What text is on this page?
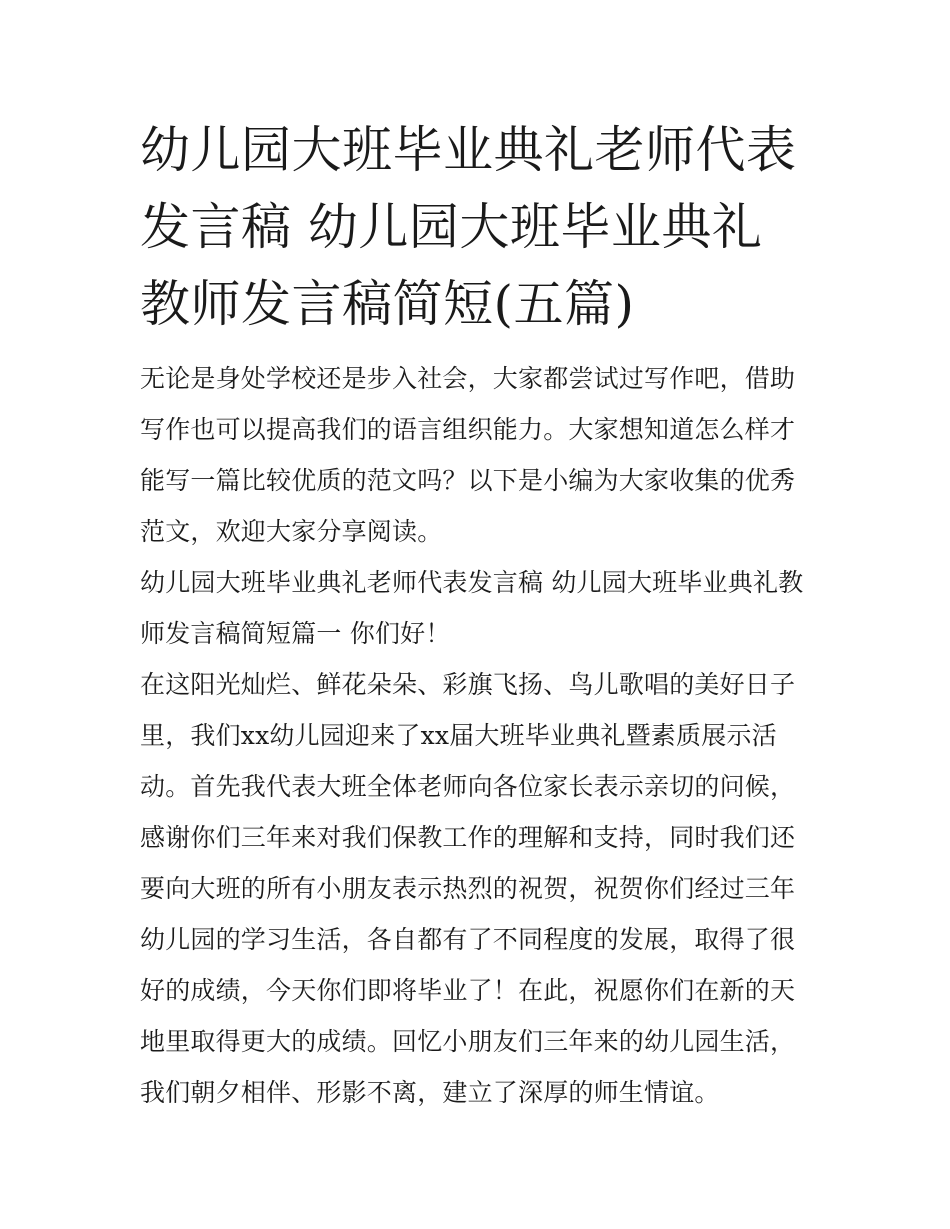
幼儿园大班毕业典礼老师代表发言稿 幼儿园大班毕业典礼教师发言稿简短(五篇)

无论是身处学校还是步入社会，大家都尝试过写作吧，借助写作也可以提高我们的语言组织能力。大家想知道怎么样才能写一篇比较优质的范文吗？以下是小编为大家收集的优秀范文，欢迎大家分享阅读。

幼儿园大班毕业典礼老师代表发言稿 幼儿园大班毕业典礼教师发言稿简短篇一 你们好！

在这阳光灿烂、鲜花朵朵、彩旗飞扬、鸟儿歌唱的美好日子里，我们xx幼儿园迎来了xx届大班毕业典礼暨素质展示活动。首先我代表大班全体老师向各位家长表示亲切的问候，感谢你们三年来对我们保教工作的理解和支持，同时我们还要向大班的所有小朋友表示热烈的祝贺，祝贺你们经过三年幼儿园的学习生活，各自都有了不同程度的发展，取得了很好的成绩，今天你们即将毕业了！在此，祝愿你们在新的天地里取得更大的成绩。回忆小朋友们三年来的幼儿园生活，我们朝夕相伴、形影不离，建立了深厚的师生情谊。
